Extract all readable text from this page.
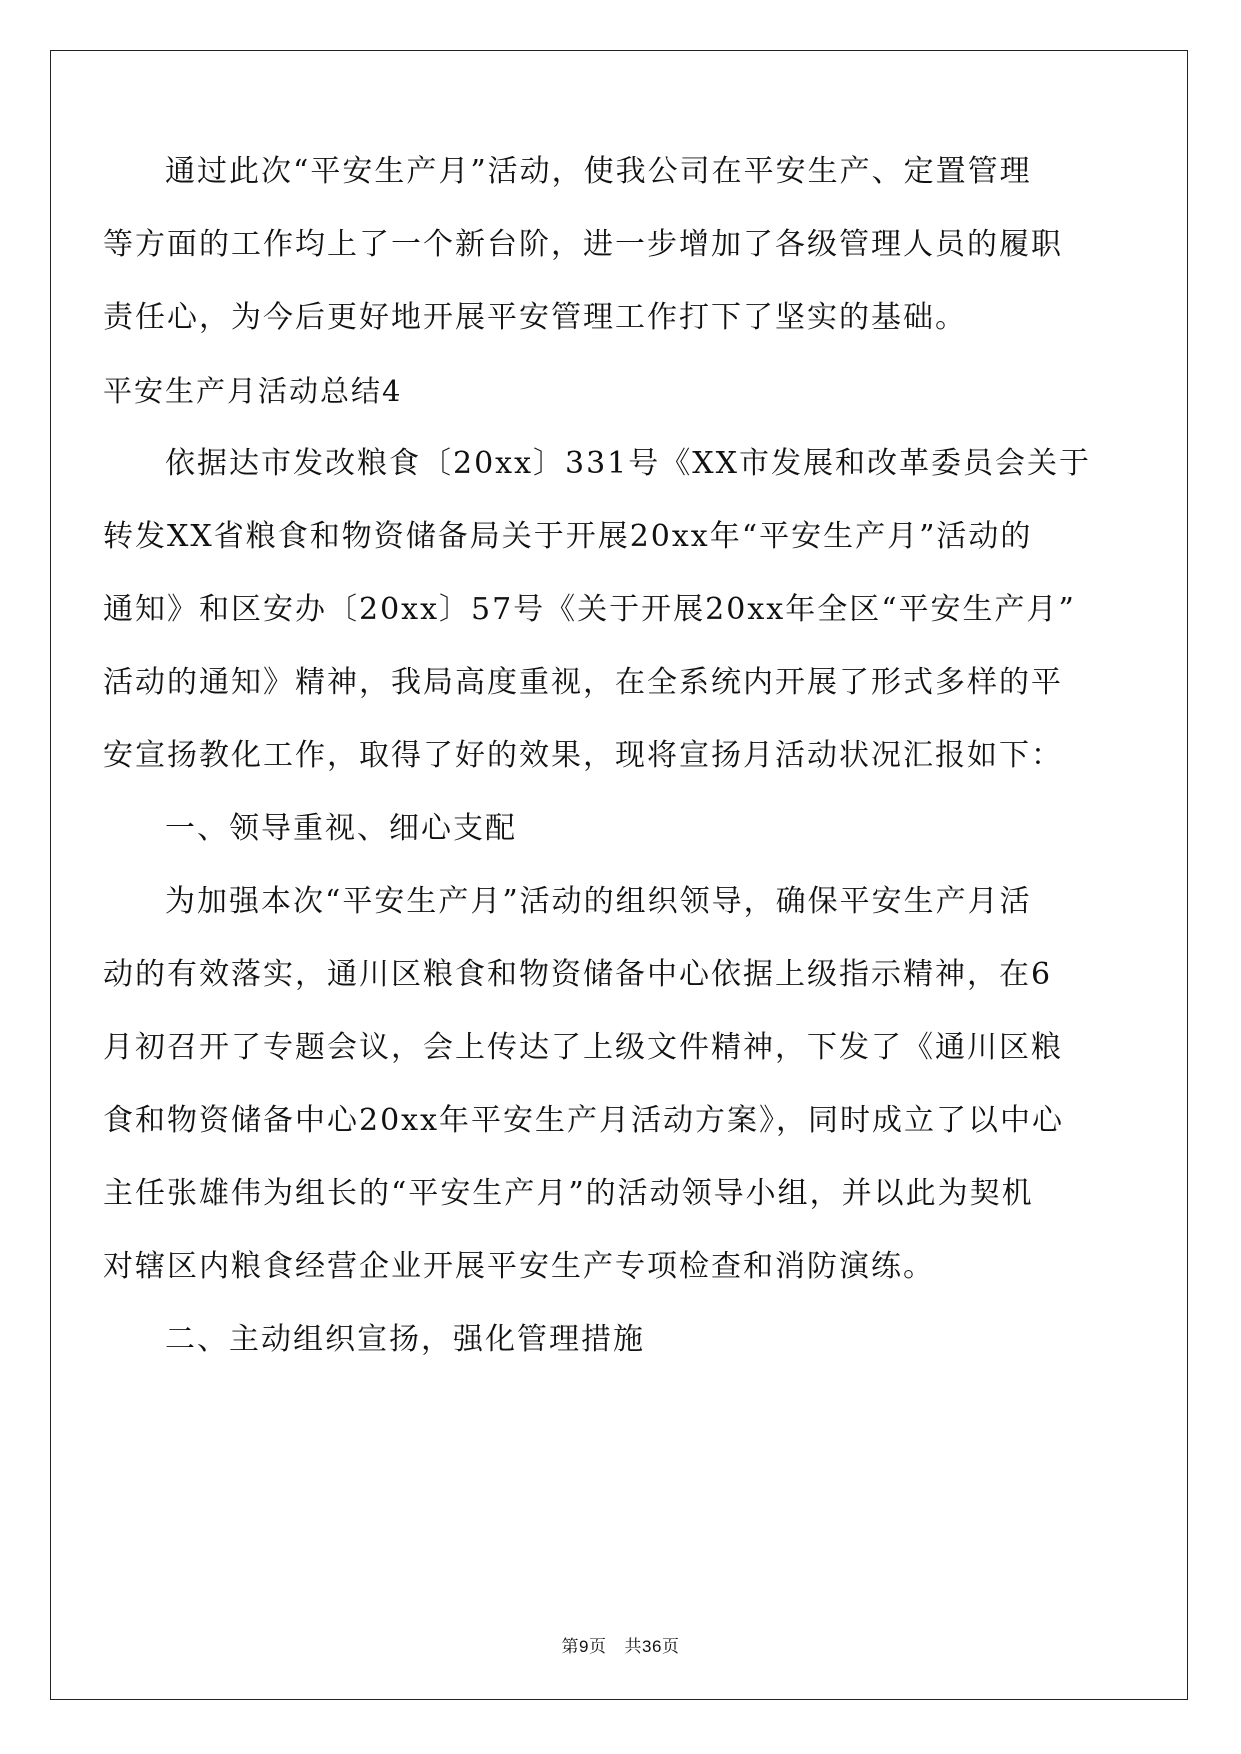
通过此次“平安生产月”活动，使我公司在平安生产、定置管理

等方面的工作均上了一个新台阶，进一步增加了各级管理人员的履职

责任心，为今后更好地开展平安管理工作打下了坚实的基础。

平安生产月活动总结4

依据达市发改粮食〔20xx〕331号《XX市发展和改革委员会关于

转发XX省粮食和物资储备局关于开展20xx年“平安生产月”活动的

通知》和区安办〔20xx〕57号《关于开展20xx年全区“平安生产月”

活动的通知》精神，我局高度重视，在全系统内开展了形式多样的平

安宣扬教化工作，取得了好的效果，现将宣扬月活动状况汇报如下：

一、领导重视、细心支配

为加强本次“平安生产月”活动的组织领导，确保平安生产月活

动的有效落实，通川区粮食和物资储备中心依据上级指示精神，在6

月初召开了专题会议，会上传达了上级文件精神，下发了《通川区粮

食和物资储备中心20xx年平安生产月活动方案》，同时成立了以中心

主任张雄伟为组长的“平安生产月”的活动领导小组，并以此为契机

对辖区内粮食经营企业开展平安生产专项检查和消防演练。

二、主动组织宣扬，强化管理措施

第9页 共36页
